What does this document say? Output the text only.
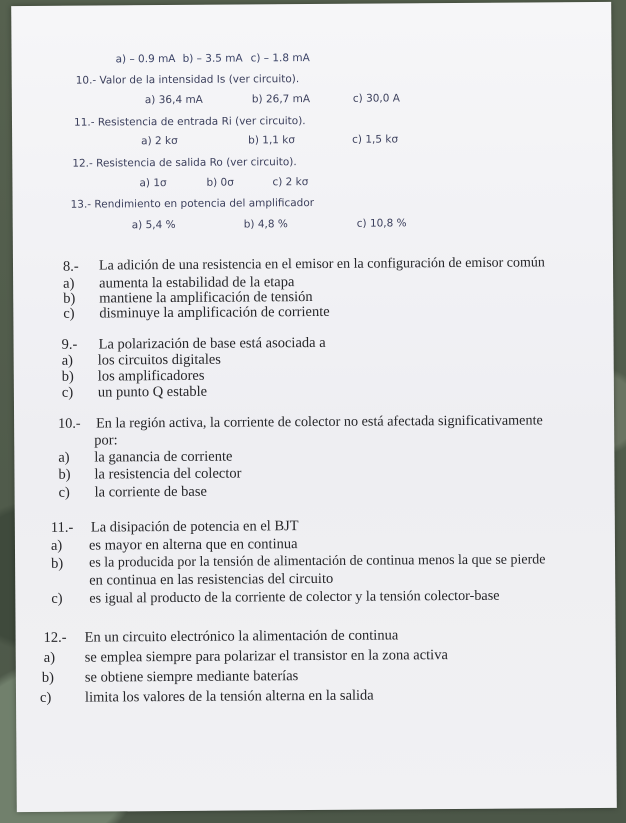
a) – 0.9 mA b) – 3.5 mA c) – 1.8 mA
10.- Valor de la intensidad Is (ver circuito).
a) 36,4 mA	b) 26,7 mA	c) 30,0 A
11.- Resistencia de entrada Ri (ver circuito).
a) 2 kσ	b) 1,1 kσ	c) 1,5 kσ
12.- Resistencia de salida Ro (ver circuito).
a) 1σ	b) 0σ	c) 2 kσ
13.- Rendimiento en potencia del amplificador
a) 5,4 %	b) 4,8 %	c) 10,8 %
8.- La adición de una resistencia en el emisor en la configuración de emisor común
a) aumenta la estabilidad de la etapa
b) mantiene la amplificación de tensión
c) disminuye la amplificación de corriente
9.- La polarización de base está asociada a
a) los circuitos digitales
b) los amplificadores
c) un punto Q estable
10.- En la región activa, la corriente de colector no está afectada significativamente
por:
a) la ganancia de corriente
b) la resistencia del colector
c) la corriente de base
11.- La disipación de potencia en el BJT
a) es mayor en alterna que en continua
b) es la producida por la tensión de alimentación de continua menos la que se pierde
en continua en las resistencias del circuito
c) es igual al producto de la corriente de colector y la tensión colector-base
12.- En un circuito electrónico la alimentación de continua
a) se emplea siempre para polarizar el transistor en la zona activa
b) se obtiene siempre mediante baterías
c) limita los valores de la tensión alterna en la salida
